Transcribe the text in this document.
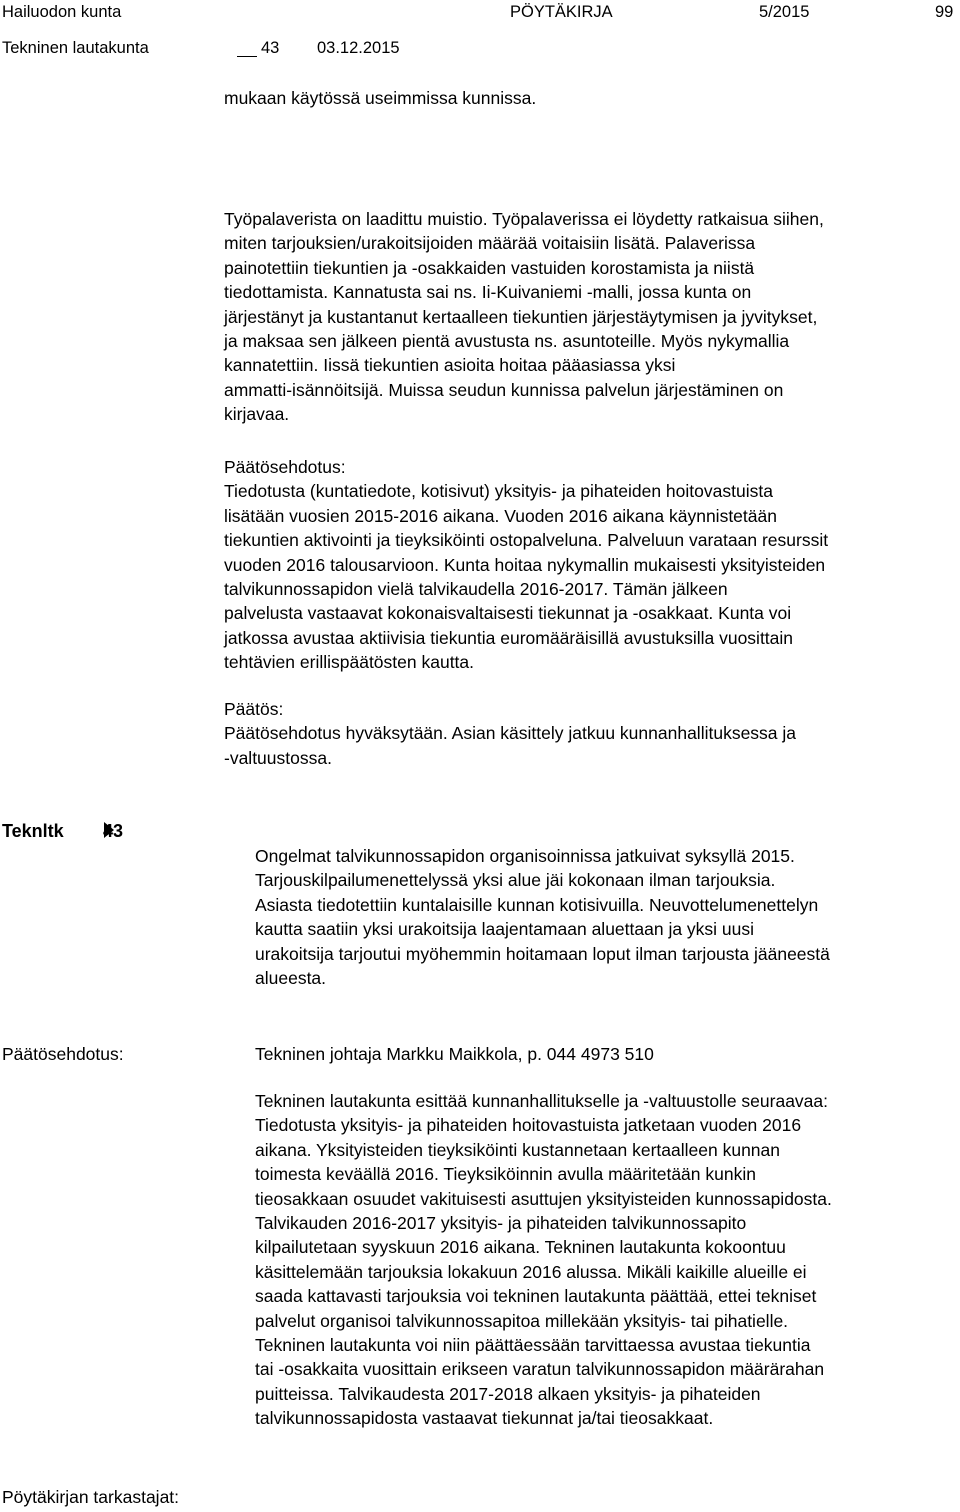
Hailuodon kunta	PÖYTÄKIRJA	5/2015	99
Tekninen lautakunta	43 03.12.2015
mukaan käytössä useimmissa kunnissa.
Työpalaverista on laadittu muistio. Työpalaverissa ei löydetty ratkaisua siihen,
miten tarjouksien/urakoitsijoiden määrää voitaisiin lisätä. Palaverissa
painotettiin tiekuntien ja -osakkaiden vastuiden korostamista ja niistä
tiedottamista. Kannatusta sai ns. Ii-Kuivaniemi -malli, jossa kunta on
järjestänyt ja kustantanut kertaalleen tiekuntien järjestäytymisen ja jyvitykset,
ja maksaa sen jälkeen pientä avustusta ns. asuntoteille. Myös nykymallia
kannatettiin. Iissä tiekuntien asioita hoitaa pääasiassa yksi
ammatti-isännöitsijä. Muissa seudun kunnissa palvelun järjestäminen on
kirjavaa.
Päätösehdotus:
Tiedotusta (kuntatiedote, kotisivut) yksityis- ja pihateiden hoitovastuista
lisätään vuosien 2015-2016 aikana. Vuoden 2016 aikana käynnistetään
tiekuntien aktivointi ja tieyksiköinti ostopalveluna. Palveluun varataan resurssit
vuoden 2016 talousarvioon. Kunta hoitaa nykymallin mukaisesti yksityisteiden
talvikunnossapidon vielä talvikaudella 2016-2017. Tämän jälkeen
palvelusta vastaavat kokonaisvaltaisesti tiekunnat ja -osakkaat. Kunta voi
jatkossa avustaa aktiivisia tiekuntia euromääräisillä avustuksilla vuosittain
tehtävien erillispäätösten kautta.
Päätös:
Päätösehdotus hyväksytään. Asian käsittely jatkuu kunnanhallituksessa ja
-valtuustossa.
Teknltk 43
Ongelmat talvikunnossapidon organisoinnissa jatkuivat syksyllä 2015.
Tarjouskilpailumenettelyssä yksi alue jäi kokonaan ilman tarjouksia.
Asiasta tiedotettiin kuntalaisille kunnan kotisivuilla. Neuvottelumenettelyn
kautta saatiin yksi urakoitsija laajentamaan aluettaan ja yksi uusi
urakoitsija tarjoutui myöhemmin hoitamaan loput ilman tarjousta jääneestä
alueesta.
Päätösehdotus:	Tekninen johtaja Markku Maikkola, p. 044 4973 510
Tekninen lautakunta esittää kunnanhallitukselle ja -valtuustolle seuraavaa:
Tiedotusta yksityis- ja pihateiden hoitovastuista jatketaan vuoden 2016
aikana. Yksityisteiden tieyksiköinti kustannetaan kertaalleen kunnan
toimesta keväällä 2016. Tieyksiköinnin avulla määritetään kunkin
tieosakkaan osuudet vakituisesti asuttujen yksityisteiden kunnossapidosta.
Talvikauden 2016-2017 yksityis- ja pihateiden talvikunnossapito
kilpailutetaan syyskuun 2016 aikana. Tekninen lautakunta kokoontuu
käsittelemään tarjouksia lokakuun 2016 alussa. Mikäli kaikille alueille ei
saada kattavasti tarjouksia voi tekninen lautakunta päättää, ettei tekniset
palvelut organisoi talvikunnossapitoa millekään yksityis- tai pihatielle.
Tekninen lautakunta voi niin päättäessään tarvittaessa avustaa tiekuntia
tai -osakkaita vuosittain erikseen varatun talvikunnossapidon määrärahan
puitteissa. Talvikaudesta 2017-2018 alkaen yksityis- ja pihateiden
talvikunnossapidosta vastaavat tiekunnat ja/tai tieosakkaat.
Pöytäkirjan tarkastajat:
